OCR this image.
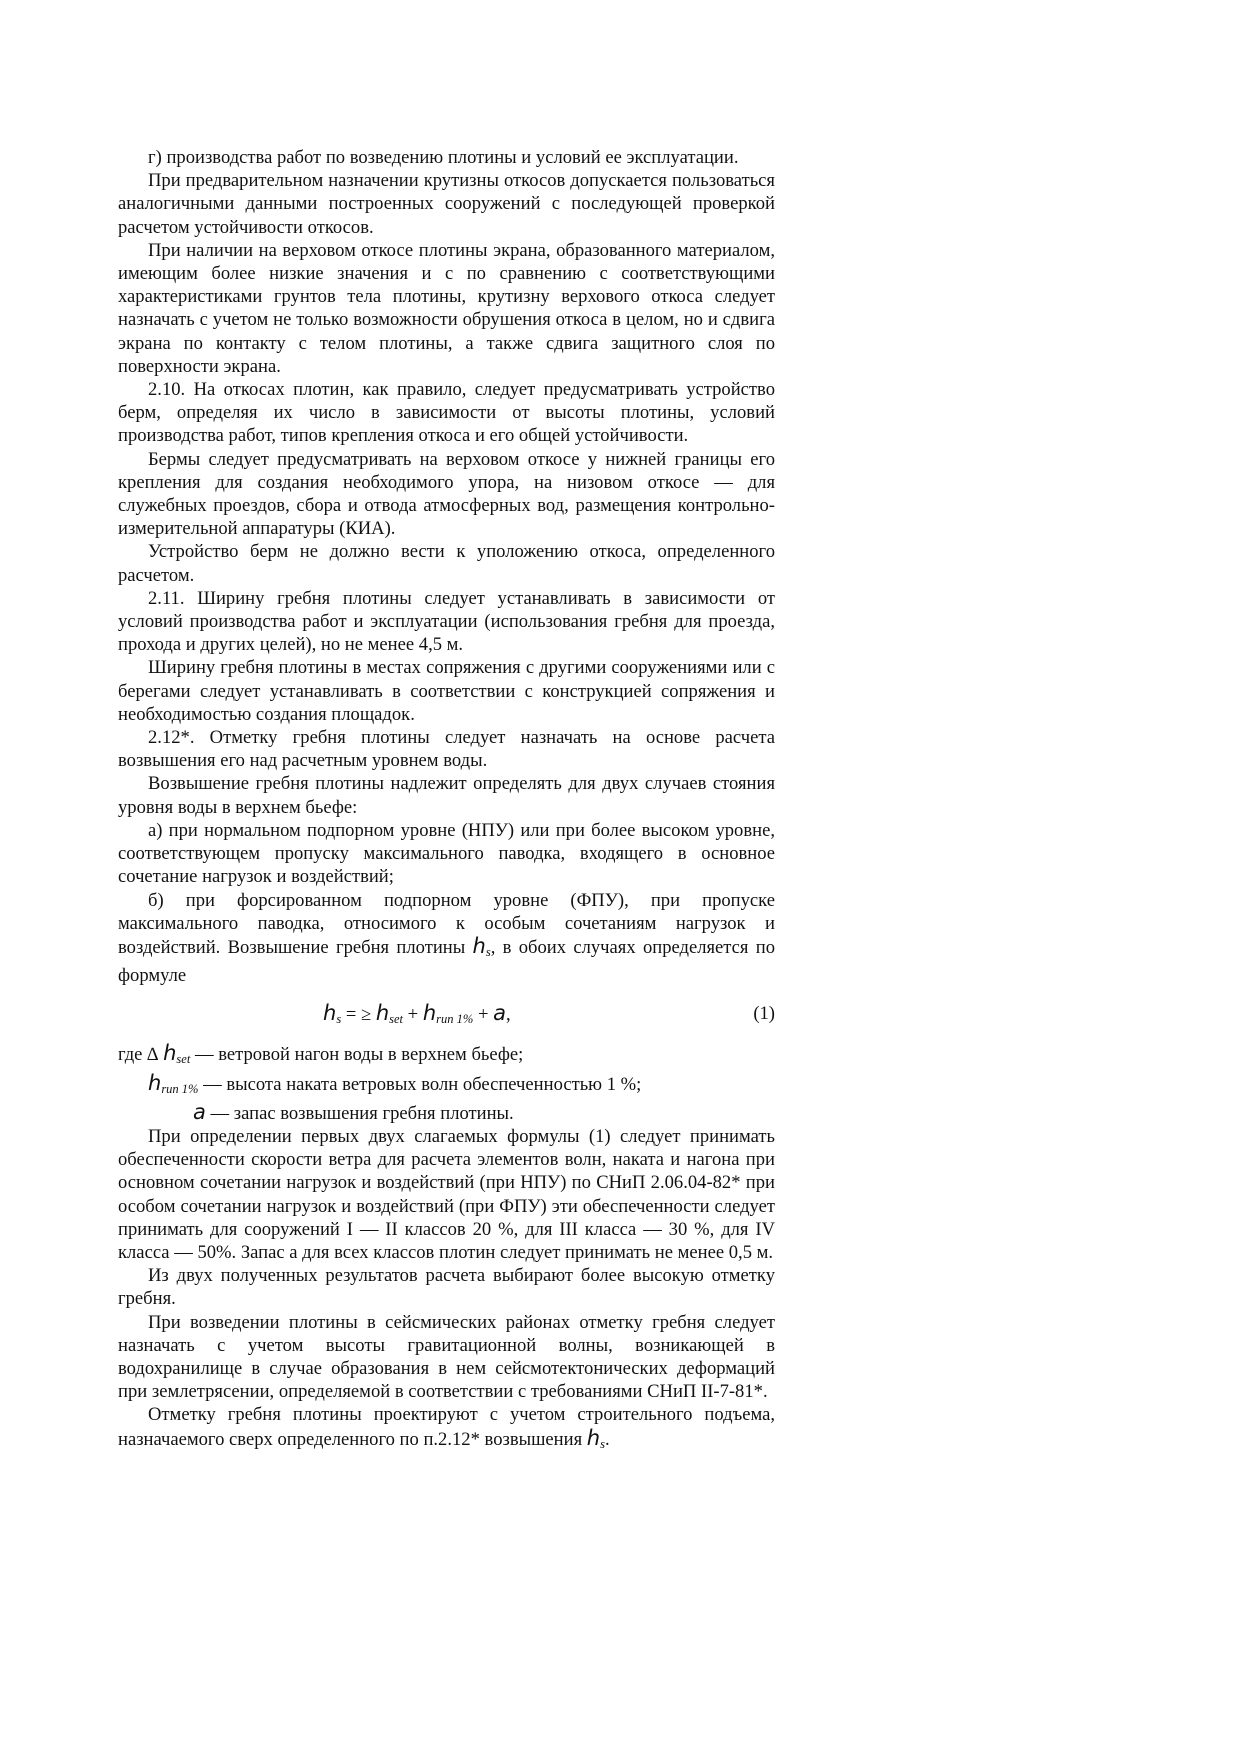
г) производства работ по возведению плотины и условий ее эксплуатации.

При предварительном назначении крутизны откосов допускается пользоваться аналогичными данными построенных сооружений с последующей проверкой расчетом устойчивости откосов.

При наличии на верховом откосе плотины экрана, образованного материалом, имеющим более низкие значения и с по сравнению с соответствующими характеристиками грунтов тела плотины, крутизну верхового откоса следует назначать с учетом не только возможности обрушения откоса в целом, но и сдвига экрана по контакту с телом плотины, а также сдвига защитного слоя по поверхности экрана.

2.10. На откосах плотин, как правило, следует предусматривать устройство берм, определяя их число в зависимости от высоты плотины, условий производства работ, типов крепления откоса и его общей устойчивости.

Бермы следует предусматривать на верховом откосе у нижней границы его крепления для создания необходимого упора, на низовом откосе — для служебных проездов, сбора и отвода атмосферных вод, размещения контрольно-измерительной аппаратуры (КИА).

Устройство берм не должно вести к уположению откоса, определенного расчетом.

2.11. Ширину гребня плотины следует устанавливать в зависимости от условий производства работ и эксплуатации (использования гребня для проезда, прохода и других целей), но не менее 4,5 м.

Ширину гребня плотины в местах сопряжения с другими сооружениями или с берегами следует устанавливать в соответствии с конструкцией сопряжения и необходимостью создания площадок.

2.12*. Отметку гребня плотины следует назначать на основе расчета возвышения его над расчетным уровнем воды.

Возвышение гребня плотины надлежит определять для двух случаев стояния уровня воды в верхнем бьефе:

а) при нормальном подпорном уровне (НПУ) или при более высоком уровне, соответствующем пропуску максимального паводка, входящего в основное сочетание нагрузок и воздействий;

б) при форсированном подпорном уровне (ФПУ), при пропуске максимального паводка, относимого к особым сочетаниям нагрузок и воздействий. Возвышение гребня плотины $h_s$, в обоих случаях определяется по формуле

$h_s$ = ≥ $h_{set} + h_{run 1\%} + a$,	(1)

где ∆ $h_{set}$ — ветровой нагон воды в верхнем бьефе;

$h_{run 1\%}$ — высота наката ветровых волн обеспеченностью 1 %;

a — запас возвышения гребня плотины.

При определении первых двух слагаемых формулы (1) следует принимать обеспеченности скорости ветра для расчета элементов волн, наката и нагона при основном сочетании нагрузок и воздействий (при НПУ) по СНиП 2.06.04-82* при особом сочетании нагрузок и воздействий (при ФПУ) эти обеспеченности следует принимать для сооружений I — II классов 20 %, для III класса — 30 %, для IV класса — 50%. Запас а для всех классов плотин следует принимать не менее 0,5 м.

Из двух полученных результатов расчета выбирают более высокую отметку гребня.

При возведении плотины в сейсмических районах отметку гребня следует назначать с учетом высоты гравитационной волны, возникающей в водохранилище в случае образования в нем сейсмотектонических деформаций при землетрясении, определяемой в соответствии с требованиями СНиП II-7-81*.

Отметку гребня плотины проектируют с учетом строительного подъема, назначаемого сверх определенного по п.2.12* возвышения $h_s$.
